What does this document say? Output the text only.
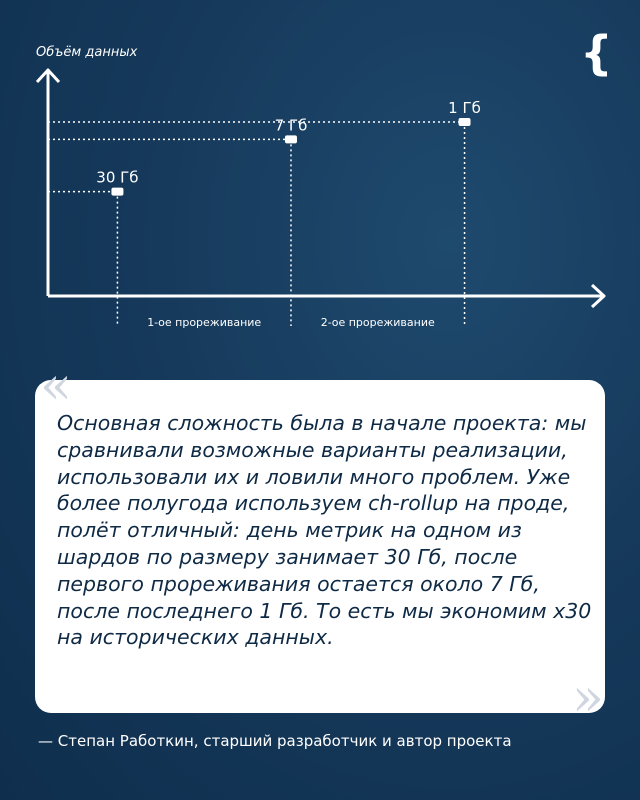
Объём данных
30 Гб
7 Гб
1 Гб
1-ое прореживание	2-ое прореживание
{
«

Основная сложность была в начале проекта: мы сравнивали возможные варианты реализации, использовали их и ловили много проблем. Уже более полугода используем ch-rollup на проде, полёт отличный: день метрик на одном из шардов по размеру занимает 30 Гб, после первого прореживания остается около 7 Гб, после последнего 1 Гб. То есть мы экономим x30 на исторических данных.

»

— Степан Работкин, старший разработчик и автор проекта
